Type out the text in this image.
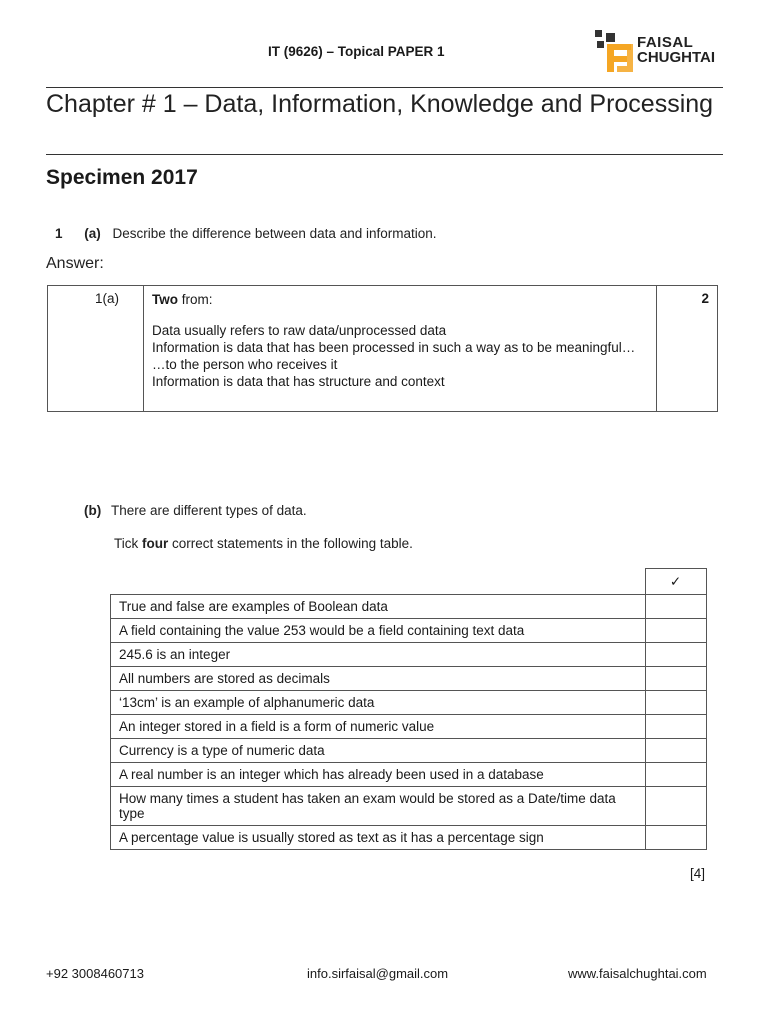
IT (9626) – Topical PAPER 1
FAISAL
CHUGHTAI
Chapter # 1 – Data, Information, Knowledge and Processing
Specimen 2017
1 (a) Describe the difference between data and information.
Answer:
1(a)	Two from:
Data usually refers to raw data/unprocessed data
Information is data that has been processed in such a way as to be meaningful…
…to the person who receives it
Information is data that has structure and context
	2
(b) There are different types of data.
Tick four correct statements in the following table.
	✓
True and false are examples of Boolean data	
A field containing the value 253 would be a field containing text data	
245.6 is an integer	
All numbers are stored as decimals	
‘13cm’ is an example of alphanumeric data	
An integer stored in a field is a form of numeric value	
Currency is a type of numeric data	
A real number is an integer which has already been used in a database	
How many times a student has taken an exam would be stored as a Date/time data type	
A percentage value is usually stored as text as it has a percentage sign	
[4]
+92 3008460713	info.sirfaisal@gmail.com	www.faisalchughtai.com
